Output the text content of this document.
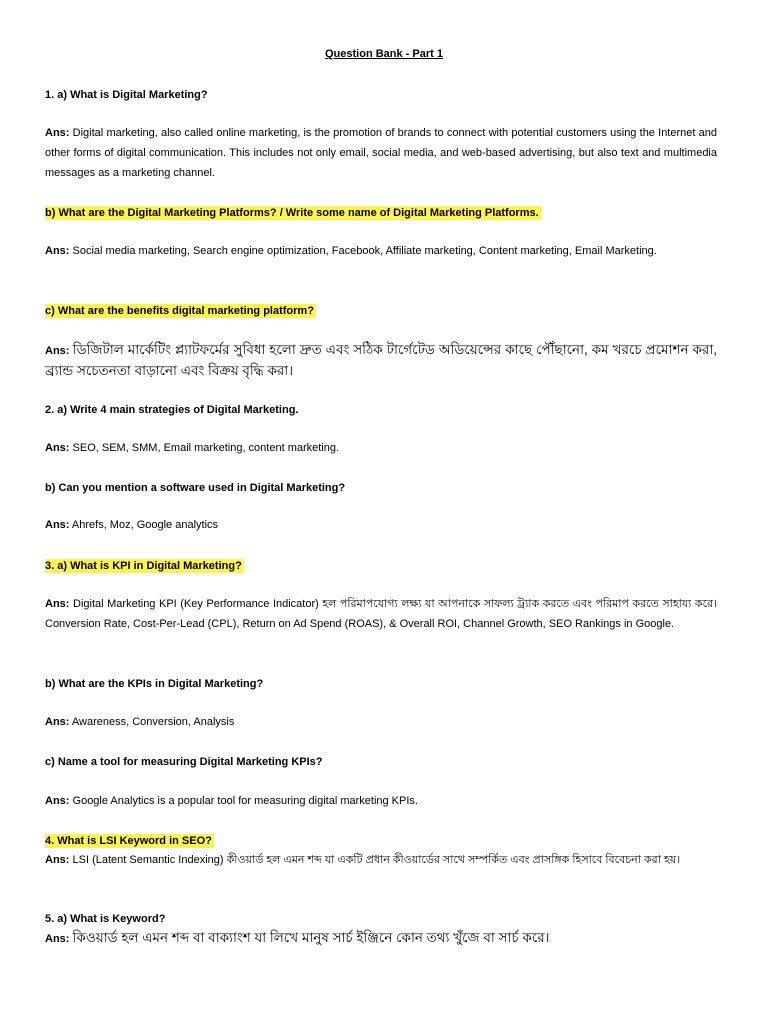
Question Bank - Part 1
1. a) What is Digital Marketing?
Ans: Digital marketing, also called online marketing, is the promotion of brands to connect with potential customers using the Internet and other forms of digital communication. This includes not only email, social media, and web-based advertising, but also text and multimedia messages as a marketing channel.
b) What are the Digital Marketing Platforms? / Write some name of Digital Marketing Platforms.
Ans: Social media marketing, Search engine optimization, Facebook, Affiliate marketing, Content marketing, Email Marketing.
c) What are the benefits digital marketing platform?
Ans: ডিজিটাল মার্কেটিং প্ল্যাটফর্মের সুবিধা হলো দ্রুত এবং সঠিক টার্গেটেড অডিয়েন্সের কাছে পৌঁছানো, কম খরচে প্রমোশন করা, ব্র্যান্ড সচেতনতা বাড়ানো এবং বিক্রয় বৃদ্ধি করা।
2. a) Write 4 main strategies of Digital Marketing.
Ans: SEO, SEM, SMM, Email marketing, content marketing.
b) Can you mention a software used in Digital Marketing?
Ans: Ahrefs, Moz, Google analytics
3. a) What is KPI in Digital Marketing?
Ans: Digital Marketing KPI (Key Performance Indicator) হল পরিমাপযোগ্য লক্ষ্য যা আপনাকে সাফল্য ট্র্যাক করতে এবং পরিমাপ করতে সাহায্য করে। Conversion Rate, Cost-Per-Lead (CPL), Return on Ad Spend (ROAS), & Overall ROI, Channel Growth, SEO Rankings in Google.
b) What are the KPIs in Digital Marketing?
Ans: Awareness, Conversion, Analysis
c) Name a tool for measuring Digital Marketing KPIs?
Ans: Google Analytics is a popular tool for measuring digital marketing KPIs.
4. What is LSI Keyword in SEO?
Ans: LSI (Latent Semantic Indexing) কীওয়ার্ড হল এমন শব্দ যা একটি প্রধান কীওয়ার্ডের সাথে সম্পর্কিত এবং প্রাসঙ্গিক হিসাবে বিবেচনা করা হয়।
5. a) What is Keyword?
Ans: কিওয়ার্ড হল এমন শব্দ বা বাক্যাংশ যা লিখে মানুষ সার্চ ইঞ্জিনে কোন তথ্য খুঁজে বা সার্চ করে।
